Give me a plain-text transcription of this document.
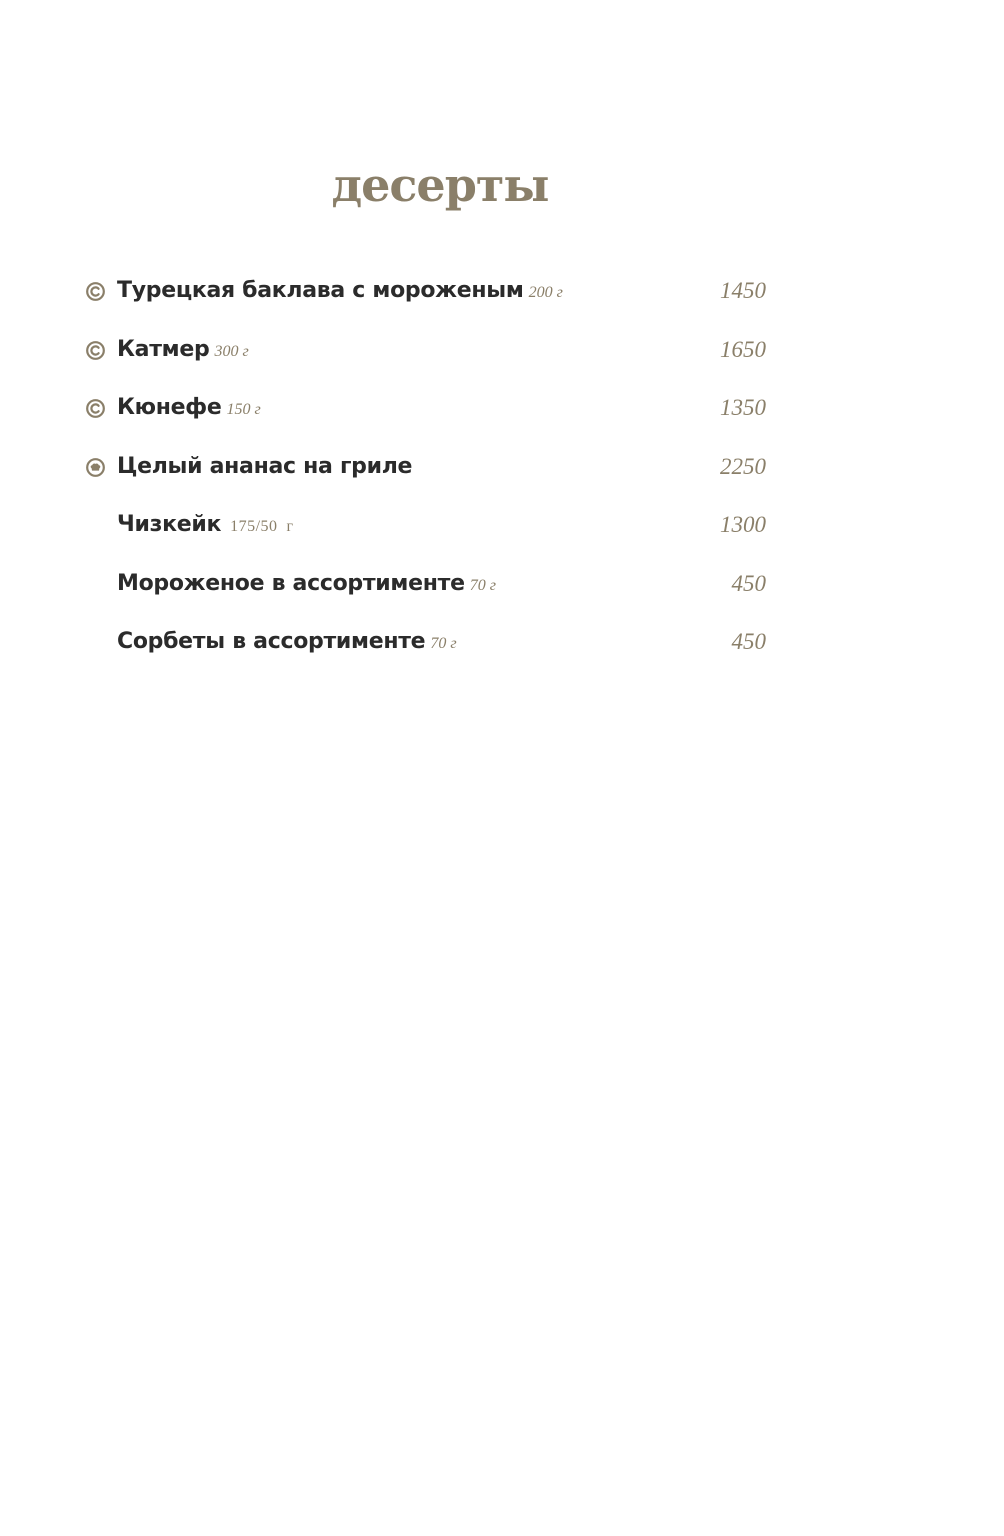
десерты
Турецкая баклава с мороженым 200 г	1450
Катмер 300 г	1650
Кюнефе 150 г	1350
Целый ананас на гриле	2250
Чизкейк 175/50  г	1300
Мороженое в ассортименте 70 г	450
Сорбеты в ассортименте 70 г	450
